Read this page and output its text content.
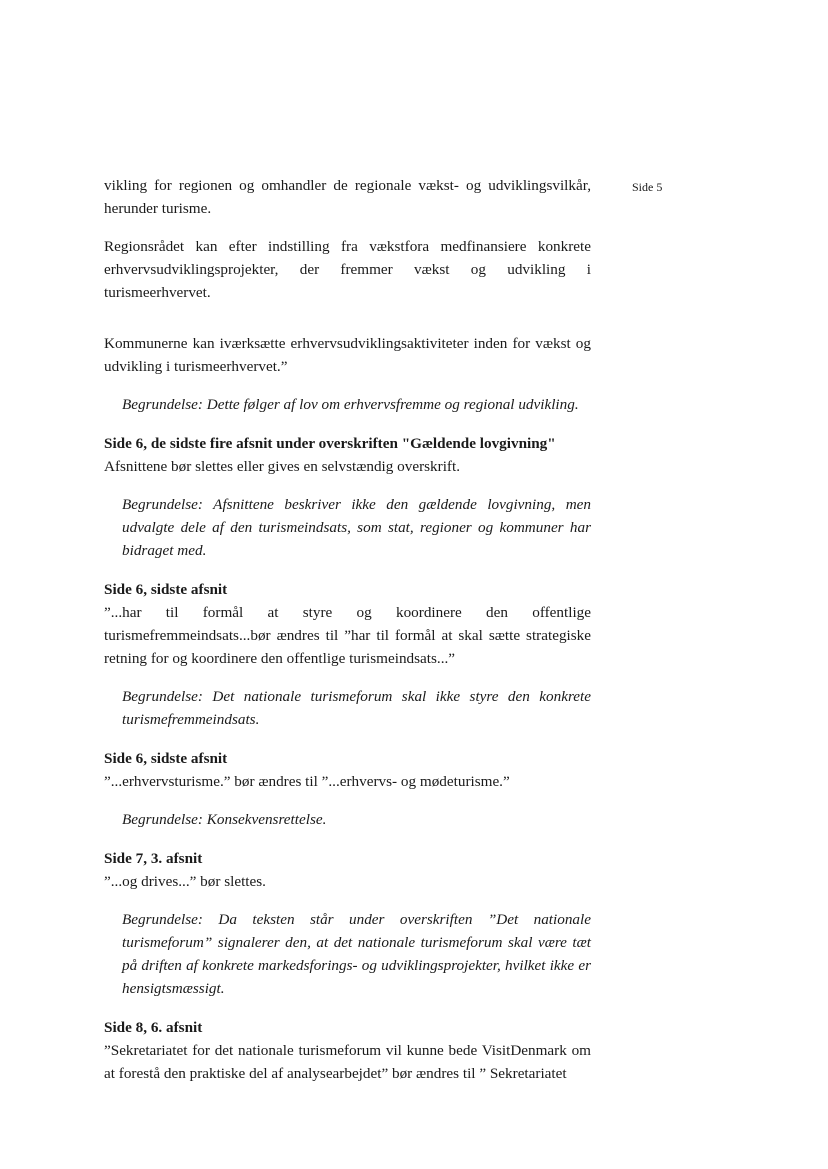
Side 5

vikling for regionen og omhandler de regionale vækst- og udviklingsvilkår, herunder turisme.

Regionsrådet kan efter indstilling fra vækstfora medfinansiere konkrete erhvervsudviklingsprojekter, der fremmer vækst og udvikling i turismeerhvervet.

Kommunerne kan iværksætte erhvervsudviklingsaktiviteter inden for vækst og udvikling i turismeerhvervet.”

Begrundelse: Dette følger af lov om erhvervsfremme og regional udvikling.

Side 6, de sidste fire afsnit under overskriften "Gældende lovgivning"

Afsnittene bør slettes eller gives en selvstændig overskrift.

Begrundelse: Afsnittene beskriver ikke den gældende lovgivning, men udvalgte dele af den turismeindsats, som stat, regioner og kommuner har bidraget med.

Side 6, sidste afsnit

”...har til formål at styre og koordinere den offentlige turismefremmeindsats...bør ændres til ”har til formål at skal sætte strategiske retning for og koordinere den offentlige turismeindsats...”

Begrundelse: Det nationale turismeforum skal ikke styre den konkrete turismefremmeindsats.

Side 6, sidste afsnit

”...erhvervsturisme.” bør ændres til ”...erhvervs- og mødeturisme.”

Begrundelse: Konsekvensrettelse.

Side 7, 3. afsnit

”...og drives...” bør slettes.

Begrundelse: Da teksten står under overskriften ”Det nationale turismeforum” signalerer den, at det nationale turismeforum skal være tæt på driften af konkrete markedsforings- og udviklingsprojekter, hvilket ikke er hensigtsmæssigt.

Side 8, 6. afsnit

”Sekretariatet for det nationale turismeforum vil kunne bede VisitDenmark om at forestå den praktiske del af analysearbejdet” bør ændres til ” Sekretariatet
